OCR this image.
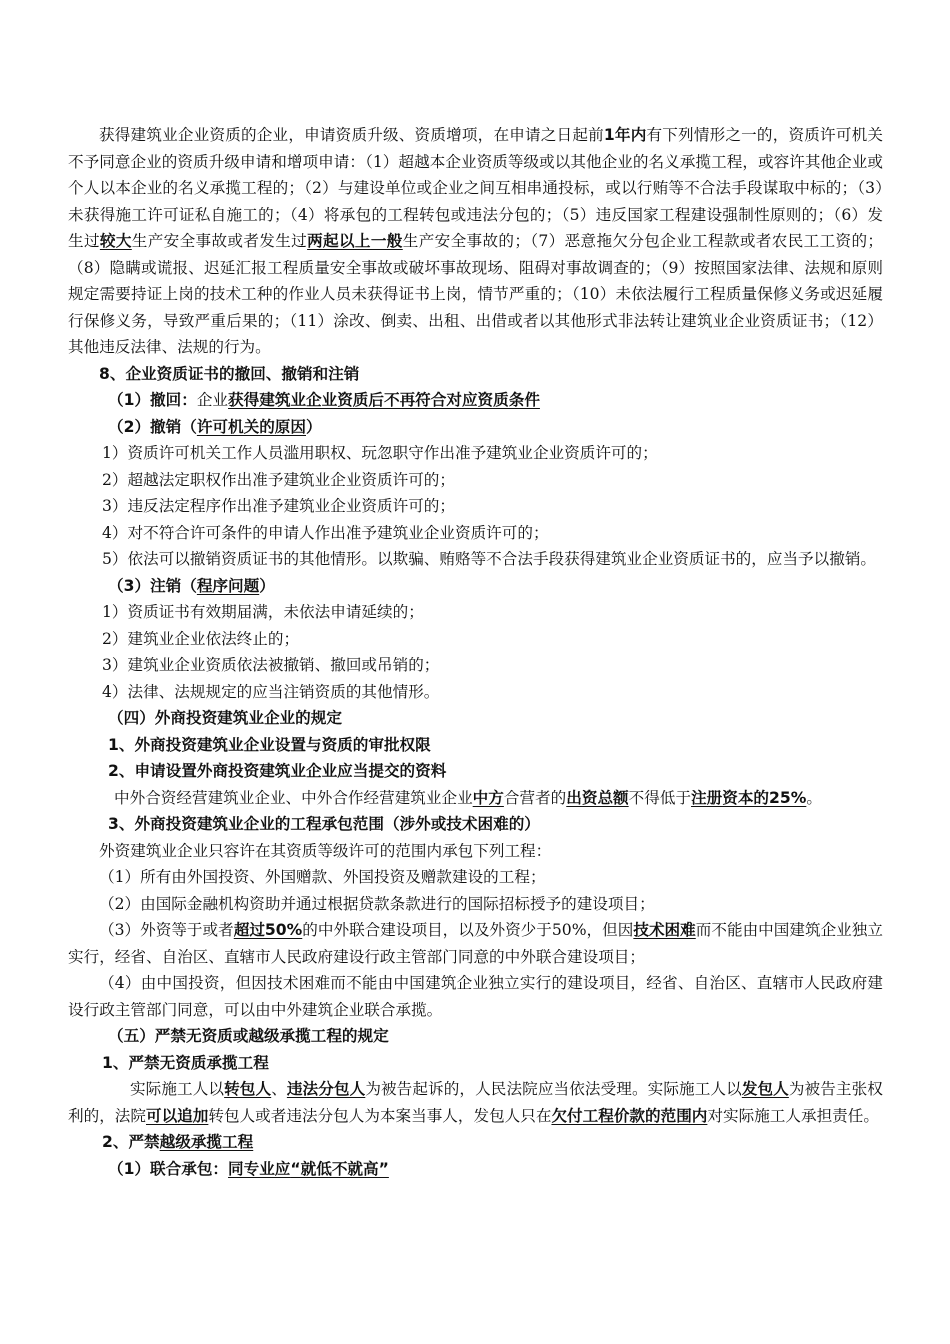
获得建筑业企业资质的企业，申请资质升级、资质增项，在申请之日起前1年内有下列情形之一的，资质许可机关不予同意企业的资质升级申请和增项申请：（1）超越本企业资质等级或以其他企业的名义承揽工程，或容许其他企业或个人以本企业的名义承揽工程的；（2）与建设单位或企业之间互相串通投标，或以行贿等不合法手段谋取中标的；（3）未获得施工许可证私自施工的；（4）将承包的工程转包或违法分包的；（5）违反国家工程建设强制性原则的；（6）发生过较大生产安全事故或者发生过两起以上一般生产安全事故的；（7）恶意拖欠分包企业工程款或者农民工工资的；（8）隐瞒或谎报、迟延汇报工程质量安全事故或破坏事故现场、阻碍对事故调查的；（9）按照国家法律、法规和原则规定需要持证上岗的技术工种的作业人员未获得证书上岗，情节严重的；（10）未依法履行工程质量保修义务或迟延履行保修义务，导致严重后果的；（11）涂改、倒卖、出租、出借或者以其他形式非法转让建筑业企业资质证书；（12）其他违反法律、法规的行为。

8、企业资质证书的撤回、撤销和注销

（1）撤回：企业获得建筑业企业资质后不再符合对应资质条件

（2）撤销（许可机关的原因）

1）资质许可机关工作人员滥用职权、玩忽职守作出准予建筑业企业资质许可的；

2）超越法定职权作出准予建筑业企业资质许可的；

3）违反法定程序作出准予建筑业企业资质许可的；

4）对不符合许可条件的申请人作出准予建筑业企业资质许可的；

5）依法可以撤销资质证书的其他情形。以欺骗、贿赂等不合法手段获得建筑业企业资质证书的，应当予以撤销。

（3）注销（程序问题）

1）资质证书有效期届满，未依法申请延续的；

2）建筑业企业依法终止的；

3）建筑业企业资质依法被撤销、撤回或吊销的；

4）法律、法规规定的应当注销资质的其他情形。

（四）外商投资建筑业企业的规定

1、外商投资建筑业企业设置与资质的审批权限

2、申请设置外商投资建筑业企业应当提交的资料

中外合资经营建筑业企业、中外合作经营建筑业企业中方合营者的出资总额不得低于注册资本的25%。

3、外商投资建筑业企业的工程承包范围（涉外或技术困难的）

外资建筑业企业只容许在其资质等级许可的范围内承包下列工程：

（1）所有由外国投资、外国赠款、外国投资及赠款建设的工程；

（2）由国际金融机构资助并通过根据贷款条款进行的国际招标授予的建设项目；

（3）外资等于或者超过50%的中外联合建设项目，以及外资少于50%，但因技术困难而不能由中国建筑企业独立实行，经省、自治区、直辖市人民政府建设行政主管部门同意的中外联合建设项目；

（4）由中国投资，但因技术困难而不能由中国建筑企业独立实行的建设项目，经省、自治区、直辖市人民政府建设行政主管部门同意，可以由中外建筑企业联合承揽。

（五）严禁无资质或越级承揽工程的规定

1、严禁无资质承揽工程

实际施工人以转包人、违法分包人为被告起诉的，人民法院应当依法受理。实际施工人以发包人为被告主张权利的，法院可以追加转包人或者违法分包人为本案当事人，发包人只在欠付工程价款的范围内对实际施工人承担责任。

2、严禁越级承揽工程

（1）联合承包：同专业应“就低不就高”
